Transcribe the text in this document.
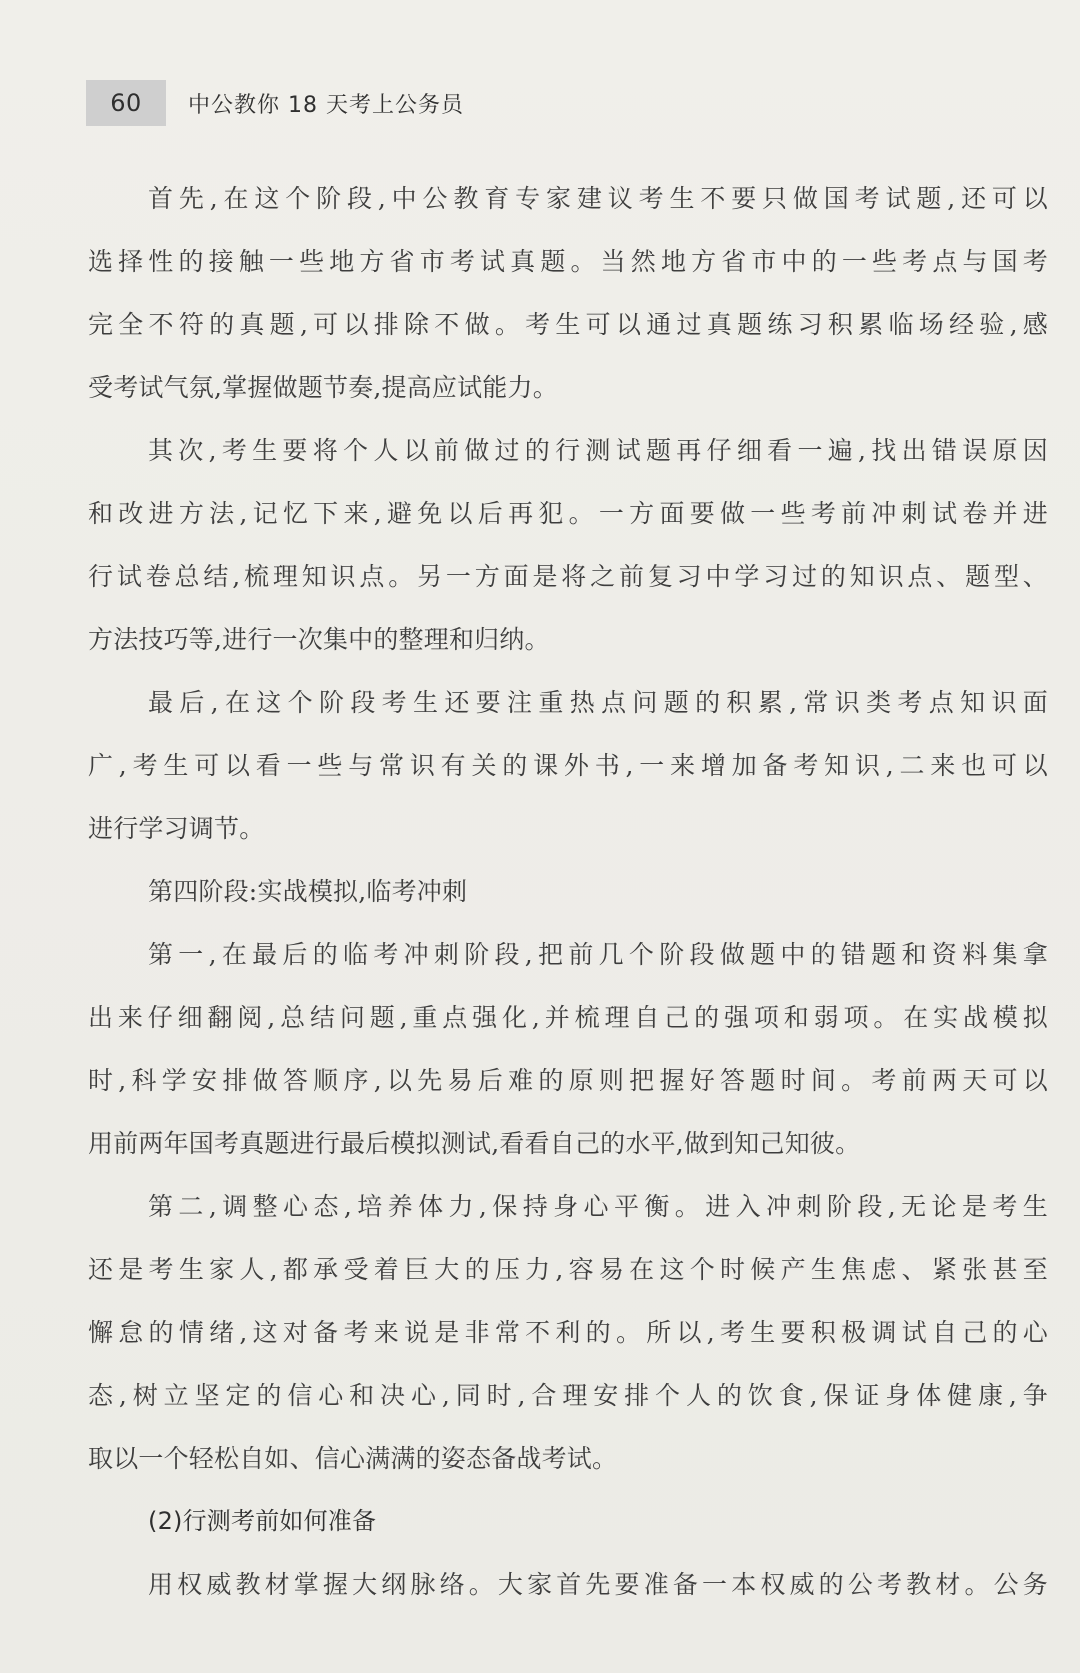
60	中公教你 18 天考上公务员
首先,在这个阶段,中公教育专家建议考生不要只做国考试题,还可以
选择性的接触一些地方省市考试真题。当然地方省市中的一些考点与国考
完全不符的真题,可以排除不做。考生可以通过真题练习积累临场经验,感
受考试气氛,掌握做题节奏,提高应试能力。
其次,考生要将个人以前做过的行测试题再仔细看一遍,找出错误原因
和改进方法,记忆下来,避免以后再犯。一方面要做一些考前冲刺试卷并进
行试卷总结,梳理知识点。另一方面是将之前复习中学习过的知识点、题型、
方法技巧等,进行一次集中的整理和归纳。
最后,在这个阶段考生还要注重热点问题的积累,常识类考点知识面
广,考生可以看一些与常识有关的课外书,一来增加备考知识,二来也可以
进行学习调节。
第四阶段:实战模拟,临考冲刺
第一,在最后的临考冲刺阶段,把前几个阶段做题中的错题和资料集拿
出来仔细翻阅,总结问题,重点强化,并梳理自己的强项和弱项。在实战模拟
时,科学安排做答顺序,以先易后难的原则把握好答题时间。考前两天可以
用前两年国考真题进行最后模拟测试,看看自己的水平,做到知己知彼。
第二,调整心态,培养体力,保持身心平衡。进入冲刺阶段,无论是考生
还是考生家人,都承受着巨大的压力,容易在这个时候产生焦虑、紧张甚至
懈怠的情绪,这对备考来说是非常不利的。所以,考生要积极调试自己的心
态,树立坚定的信心和决心,同时,合理安排个人的饮食,保证身体健康,争
取以一个轻松自如、信心满满的姿态备战考试。
(2)行测考前如何准备
用权威教材掌握大纲脉络。大家首先要准备一本权威的公考教材。公务
